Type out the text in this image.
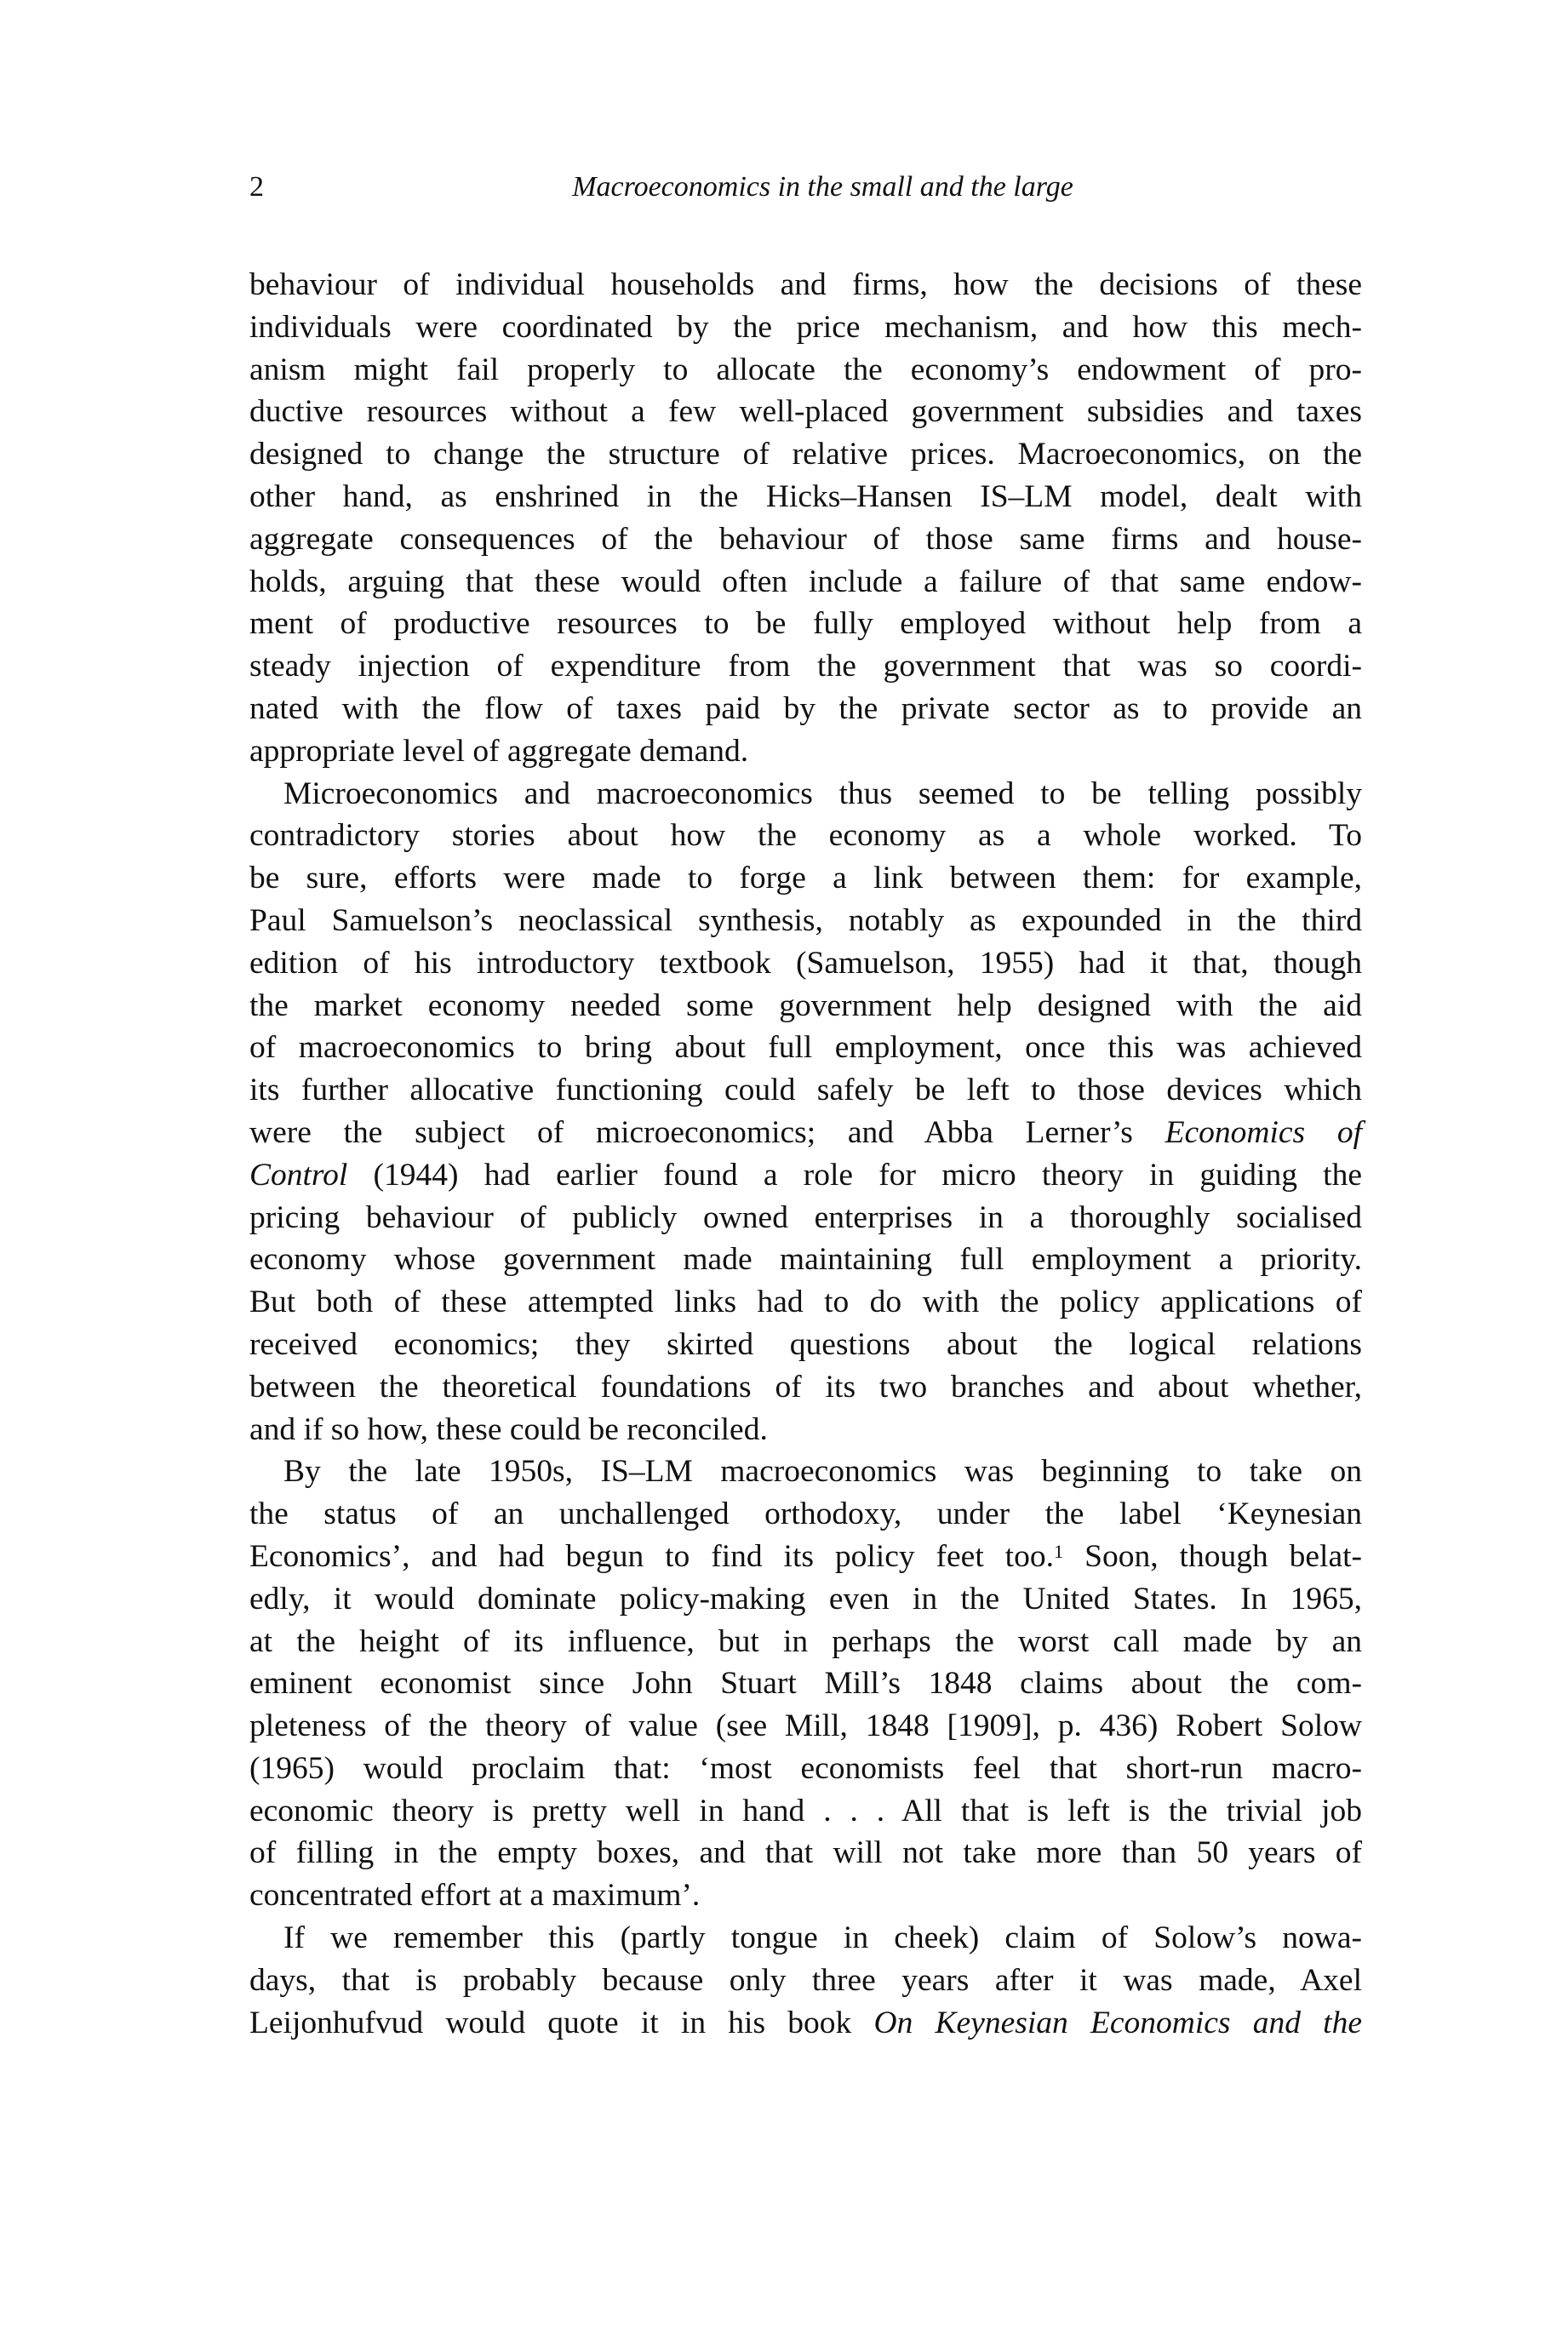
2	Macroeconomics in the small and the large

behaviour of individual households and firms, how the decisions of these
individuals were coordinated by the price mechanism, and how this mech-
anism might fail properly to allocate the economy’s endowment of pro-
ductive resources without a few well-placed government subsidies and taxes
designed to change the structure of relative prices. Macroeconomics, on the
other hand, as enshrined in the Hicks–Hansen IS–LM model, dealt with
aggregate consequences of the behaviour of those same firms and house-
holds, arguing that these would often include a failure of that same endow-
ment of productive resources to be fully employed without help from a
steady injection of expenditure from the government that was so coordi-
nated with the flow of taxes paid by the private sector as to provide an
appropriate level of aggregate demand.

Microeconomics and macroeconomics thus seemed to be telling possibly
contradictory stories about how the economy as a whole worked. To
be sure, efforts were made to forge a link between them: for example,
Paul Samuelson’s neoclassical synthesis, notably as expounded in the third
edition of his introductory textbook (Samuelson, 1955) had it that, though
the market economy needed some government help designed with the aid
of macroeconomics to bring about full employment, once this was achieved
its further allocative functioning could safely be left to those devices which
were the subject of microeconomics; and Abba Lerner’s Economics of
Control (1944) had earlier found a role for micro theory in guiding the
pricing behaviour of publicly owned enterprises in a thoroughly socialised
economy whose government made maintaining full employment a priority.
But both of these attempted links had to do with the policy applications of
received economics; they skirted questions about the logical relations
between the theoretical foundations of its two branches and about whether,
and if so how, these could be reconciled.

By the late 1950s, IS–LM macroeconomics was beginning to take on
the status of an unchallenged orthodoxy, under the label ‘Keynesian
Economics’, and had begun to find its policy feet too.$^1$ Soon, though belat-
edly, it would dominate policy-making even in the United States. In 1965,
at the height of its influence, but in perhaps the worst call made by an
eminent economist since John Stuart Mill’s 1848 claims about the com-
pleteness of the theory of value (see Mill, 1848 [1909], p. 436) Robert Solow
(1965) would proclaim that: ‘most economists feel that short-run macro-
economic theory is pretty well in hand . . . All that is left is the trivial job
of filling in the empty boxes, and that will not take more than 50 years of
concentrated effort at a maximum’.

If we remember this (partly tongue in cheek) claim of Solow’s nowa-
days, that is probably because only three years after it was made, Axel
Leijonhufvud would quote it in his book On Keynesian Economics and the
